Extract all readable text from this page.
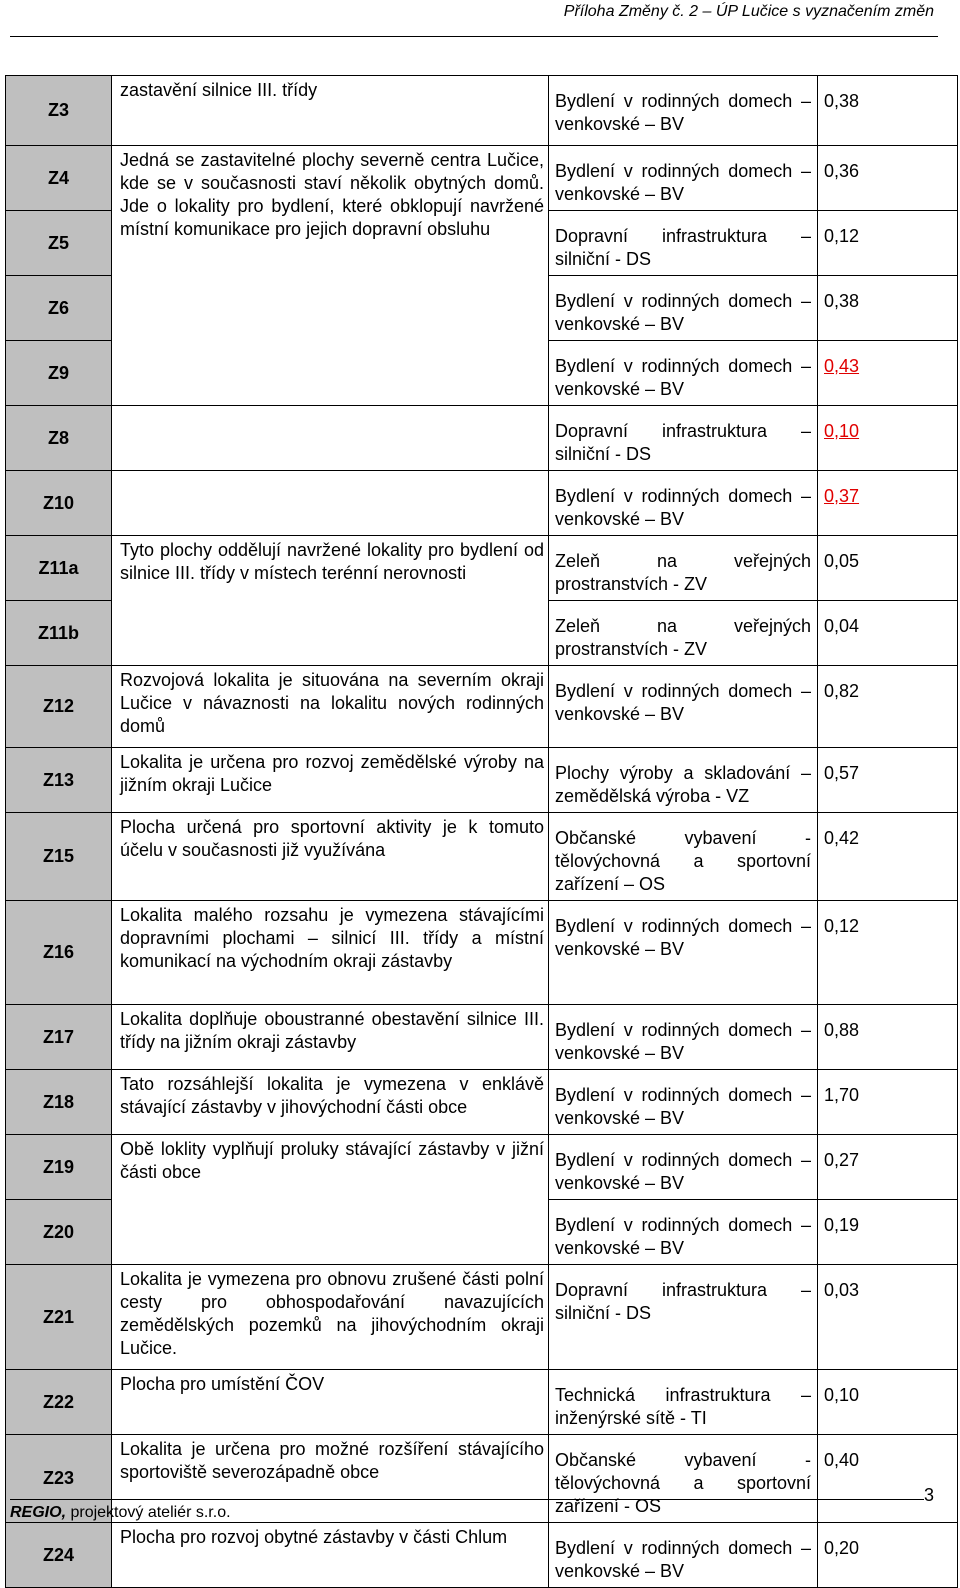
Příloha Změny č. 2 – ÚP Lučice s vyznačením změn
Z3	zastavění silnice III. třídy	Bydlení v rodinných domech – venkovské – BV	0,38
Z4	Jedná se zastavitelné plochy severně centra Lučice, kde se v současnosti staví několik obytných domů. Jde o lokality pro bydlení, které obklopují navržené místní komunikace pro jejich dopravní obsluhu	Bydlení v rodinných domech – venkovské – BV	0,36
Z5		Dopravní infrastruktura – silniční - DS	0,12
Z6		Bydlení v rodinných domech – venkovské – BV	0,38
Z9		Bydlení v rodinných domech – venkovské – BV	0,43
Z8		Dopravní infrastruktura – silniční - DS	0,10
Z10		Bydlení v rodinných domech – venkovské – BV	0,37
Z11a	Tyto plochy oddělují navržené lokality pro bydlení od silnice III. třídy v místech terénní nerovnosti	Zeleň na veřejných prostranstvích - ZV	0,05
Z11b		Zeleň na veřejných prostranstvích - ZV	0,04
Z12	Rozvojová lokalita je situována na severním okraji Lučice v návaznosti na lokalitu nových rodinných domů	Bydlení v rodinných domech – venkovské – BV	0,82
Z13	Lokalita je určena pro rozvoj zemědělské výroby na jižním okraji Lučice	Plochy výroby a skladování – zemědělská výroba - VZ	0,57
Z15	Plocha určená pro sportovní aktivity je k tomuto účelu v současnosti již využívána	Občanské vybavení - tělovýchovná a sportovní zařízení – OS	0,42
Z16	Lokalita malého rozsahu je vymezena stávajícími dopravními plochami – silnicí III. třídy a místní komunikací na východním okraji zástavby	Bydlení v rodinných domech – venkovské – BV	0,12
Z17	Lokalita doplňuje oboustranné obestavění silnice III. třídy na jižním okraji zástavby	Bydlení v rodinných domech – venkovské – BV	0,88
Z18	Tato rozsáhlejší lokalita je vymezena v enklávě stávající zástavby v jihovýchodní části obce	Bydlení v rodinných domech – venkovské – BV	1,70
Z19	Obě loklity vyplňují proluky stávající zástavby v jižní části obce	Bydlení v rodinných domech – venkovské – BV	0,27
Z20		Bydlení v rodinných domech – venkovské – BV	0,19
Z21	Lokalita je vymezena pro obnovu zrušené části polní cesty pro obhospodařování navazujících zemědělských pozemků na jihovýchodním okraji Lučice.	Dopravní infrastruktura – silniční - DS	0,03
Z22	Plocha pro umístění ČOV	Technická infrastruktura – inženýrské sítě - TI	0,10
Z23	Lokalita je určena pro možné rozšíření stávajícího sportoviště severozápadně obce	Občanské vybavení - tělovýchovná a sportovní zařízení - OS	0,40
Z24	Plocha pro rozvoj obytné zástavby v části Chlum	Bydlení v rodinných domech – venkovské – BV	0,20
REGIO, projektový ateliér s.r.o.
3
